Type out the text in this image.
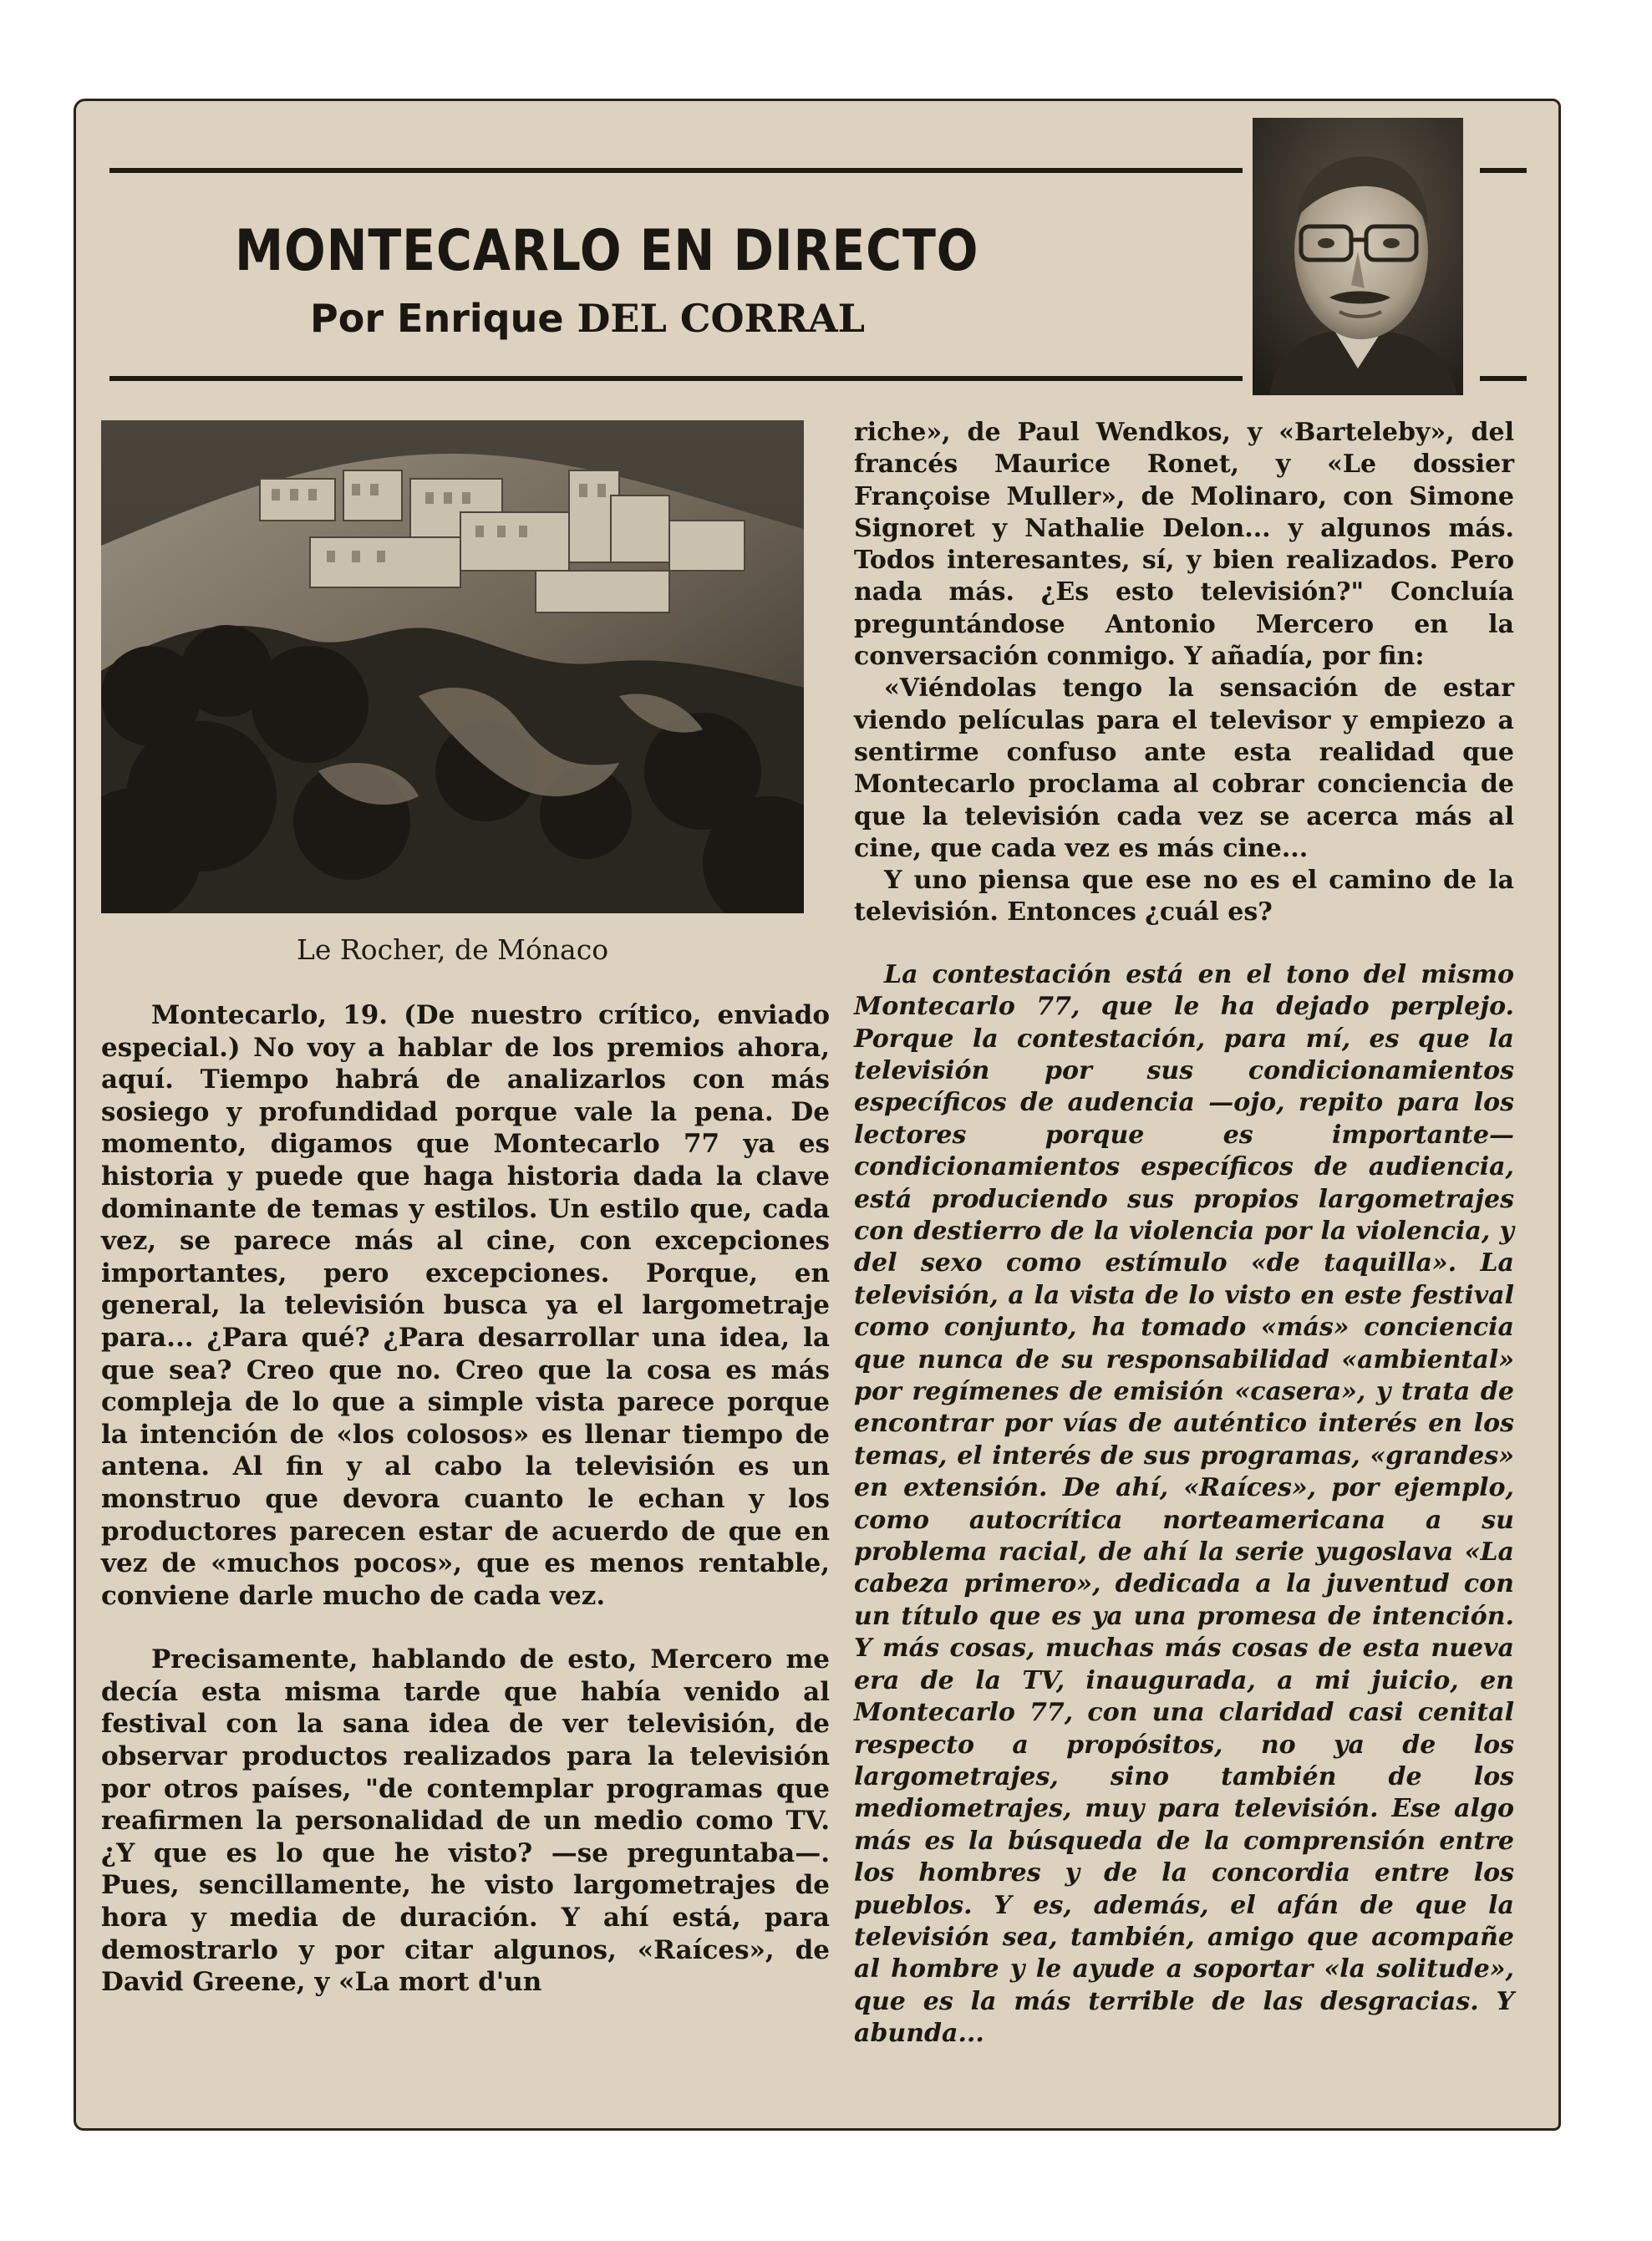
MONTECARLO EN DIRECTO
Por Enrique DEL CORRAL

Le Rocher, de Mónaco

Montecarlo, 19. (De nuestro crítico, enviado especial.) No voy a hablar de los premios ahora, aquí. Tiempo habrá de analizarlos con más sosiego y profundidad porque vale la pena. De momento, digamos que Montecarlo 77 ya es historia y puede que haga historia dada la clave dominante de temas y estilos. Un estilo que, cada vez, se parece más al cine, con excepciones importantes, pero excepciones. Porque, en general, la televisión busca ya el largometraje para... ¿Para qué? ¿Para desarrollar una idea, la que sea? Creo que no. Creo que la cosa es más compleja de lo que a simple vista parece porque la intención de «los colosos» es llenar tiempo de antena. Al fin y al cabo la televisión es un monstruo que devora cuanto le echan y los productores parecen estar de acuerdo de que en vez de «muchos pocos», que es menos rentable, conviene darle mucho de cada vez.

Precisamente, hablando de esto, Mercero me decía esta misma tarde que había venido al festival con la sana idea de ver televisión, de observar productos realizados para la televisión por otros países, "de contemplar programas que reafirmen la personalidad de un medio como TV. ¿Y que es lo que he visto? —se preguntaba—. Pues, sencillamente, he visto largometrajes de hora y media de duración. Y ahí está, para demostrarlo y por citar algunos, «Raíces», de David Greene, y «La mort d'un

riche», de Paul Wendkos, y «Barteleby», del francés Maurice Ronet, y «Le dossier Françoise Muller», de Molinaro, con Simone Signoret y Nathalie Delon... y algunos más. Todos interesantes, sí, y bien realizados. Pero nada más. ¿Es esto televisión?" Concluía preguntándose Antonio Mercero en la conversación conmigo. Y añadía, por fin:

«Viéndolas tengo la sensación de estar viendo películas para el televisor y empiezo a sentirme confuso ante esta realidad que Montecarlo proclama al cobrar conciencia de que la televisión cada vez se acerca más al cine, que cada vez es más cine...

Y uno piensa que ese no es el camino de la televisión. Entonces ¿cuál es?

La contestación está en el tono del mismo Montecarlo 77, que le ha dejado perplejo. Porque la contestación, para mí, es que la televisión por sus condicionamientos específicos de audencia —ojo, repito para los lectores porque es importante— condicionamientos específicos de audiencia, está produciendo sus propios largometrajes con destierro de la violencia por la violencia, y del sexo como estímulo «de taquilla». La televisión, a la vista de lo visto en este festival como conjunto, ha tomado «más» conciencia que nunca de su responsabilidad «ambiental» por regímenes de emisión «casera», y trata de encontrar por vías de auténtico interés en los temas, el interés de sus programas, «grandes» en extensión. De ahí, «Raíces», por ejemplo, como autocrítica norteamericana a su problema racial, de ahí la serie yugoslava «La cabeza primero», dedicada a la juventud con un título que es ya una promesa de intención. Y más cosas, muchas más cosas de esta nueva era de la TV, inaugurada, a mi juicio, en Montecarlo 77, con una claridad casi cenital respecto a propósitos, no ya de los largometrajes, sino también de los mediometrajes, muy para televisión. Ese algo más es la búsqueda de la comprensión entre los hombres y de la concordia entre los pueblos. Y es, además, el afán de que la televisión sea, también, amigo que acompañe al hombre y le ayude a soportar «la solitude», que es la más terrible de las desgracias. Y abunda...
